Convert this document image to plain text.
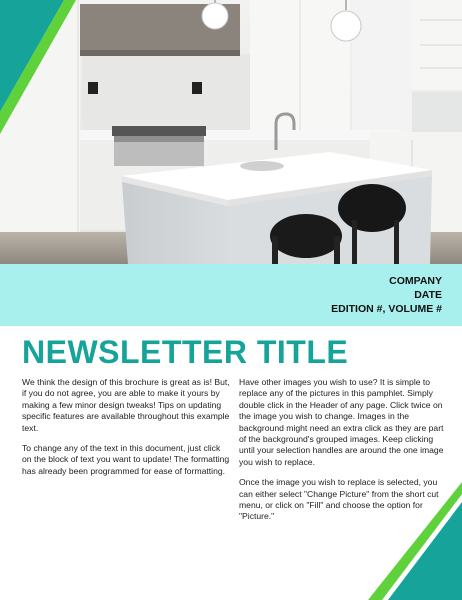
COMPANY
DATE
EDITION #, VOLUME #
NEWSLETTER TITLE

We think the design of this brochure is great as is! But, if you do not agree, you are able to make it yours by making a few minor design tweaks! Tips on updating specific features are available throughout this example text.

To change any of the text in this document, just click on the block of text you want to update! The formatting has already been programmed for ease of formatting.

Have other images you wish to use? It is simple to replace any of the pictures in this pamphlet. Simply double click in the Header of any page. Click twice on the image you wish to change. Images in the background might need an extra click as they are part of the background's grouped images. Keep clicking until your selection handles are around the one image you wish to replace.

Once the image you wish to replace is selected, you can either select "Change Picture" from the short cut menu, or click on "Fill" and choose the option for "Picture."
